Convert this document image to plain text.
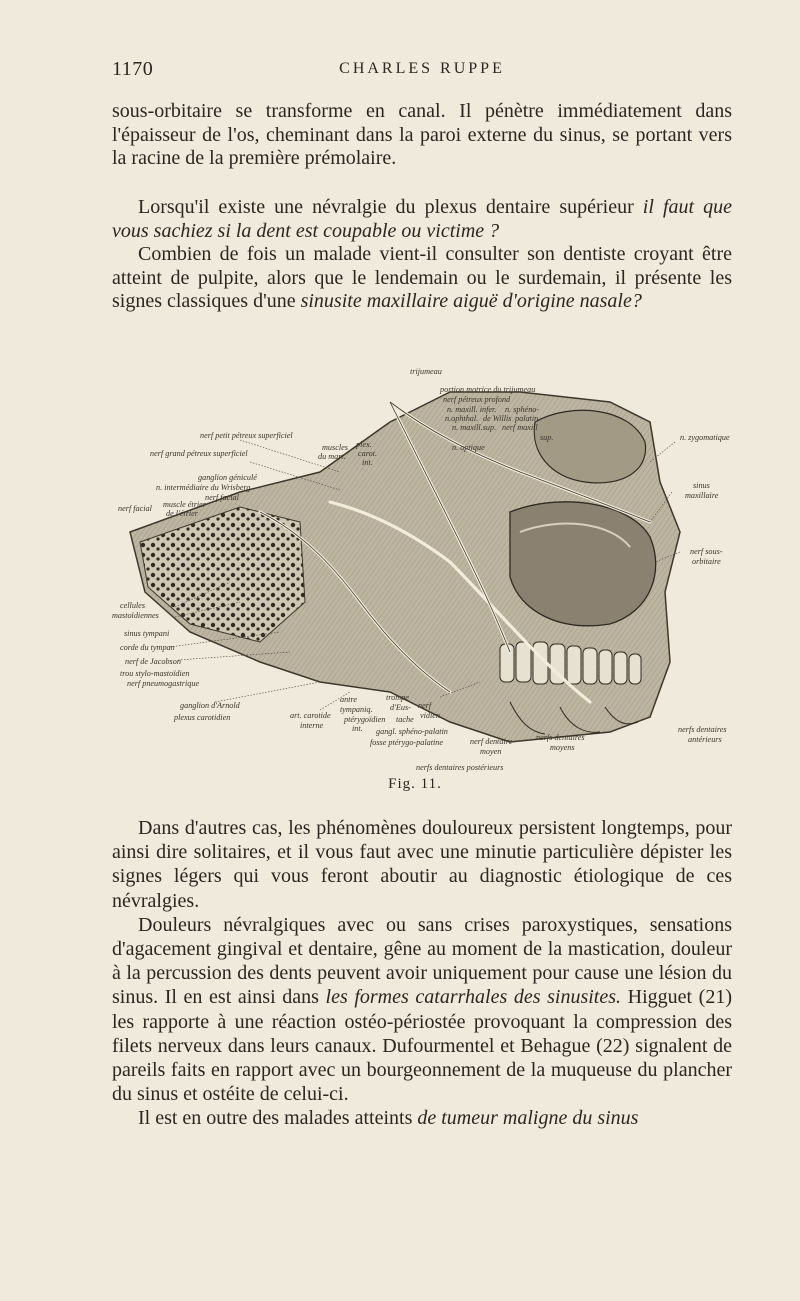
1170	CHARLES RUPPE

sous-orbitaire se transforme en canal. Il pénètre immédiatement dans l'épaisseur de l'os, cheminant dans la paroi externe du sinus, se portant vers la racine de la première prémolaire.

Lorsqu'il existe une névralgie du plexus dentaire supérieur il faut que vous sachiez si la dent est coupable ou victime ?

Combien de fois un malade vient-il consulter son dentiste croyant être atteint de pulpite, alors que le lendemain ou le surdemain, il présente les signes classiques d'une sinusite maxillaire aiguë d'origine nasale?

trijumeau
portion motrice du trijumeau
nerf pétreux profond
n. maxill. infer. n. sphéno-
n.ophthal. de Willis palatin
n. maxill.sup. nerf maxill
sup.
n. optique
nerf petit pétreux superficiel
nerf grand pétreux superficiel
muscles
du mart.
plex.
carot.
int.
ganglion géniculé
n. intermédiaire du Wrisberg
nerf facial
nerf facial muscle étrier
de l'étrier
n. zygomatique
sinus
maxillaire
nerf sous-
orbitaire
cellules
mastoïdiennes
sinus tympani
corde du tympan
nerf de Jacobson
trou stylo-mastoïdien
nerf pneumogastrique
ganglion d'Arnold
plexus carotidien	art. carotide
interne
antre
tympaniq.
trompe
d'Eus- nerf
ptérygoïdien tache vidien
int. gangl. sphéno-palatin
fosse ptérygo-palatine	nerf dentaire
moyen
nerfs dentaires
moyens
nerfs dentaires
antérieurs
nerfs dentaires postérieurs
Fig. 11.

Dans d'autres cas, les phénomènes douloureux persistent longtemps, pour ainsi dire solitaires, et il vous faut avec une minutie particulière dépister les signes légers qui vous feront aboutir au diagnostic étiologique de ces névralgies.

Douleurs névralgiques avec ou sans crises paroxystiques, sensations d'agacement gingival et dentaire, gêne au moment de la mastication, douleur à la percussion des dents peuvent avoir uniquement pour cause une lésion du sinus. Il en est ainsi dans les formes catarrhales des sinusites. Higguet (21) les rapporte à une réaction ostéo-périostée provoquant la compression des filets nerveux dans leurs canaux. Dufourmentel et Behague (22) signalent de pareils faits en rapport avec un bourgeonnement de la muqueuse du plancher du sinus et ostéite de celui-ci.

Il est en outre des malades atteints de tumeur maligne du sinus
